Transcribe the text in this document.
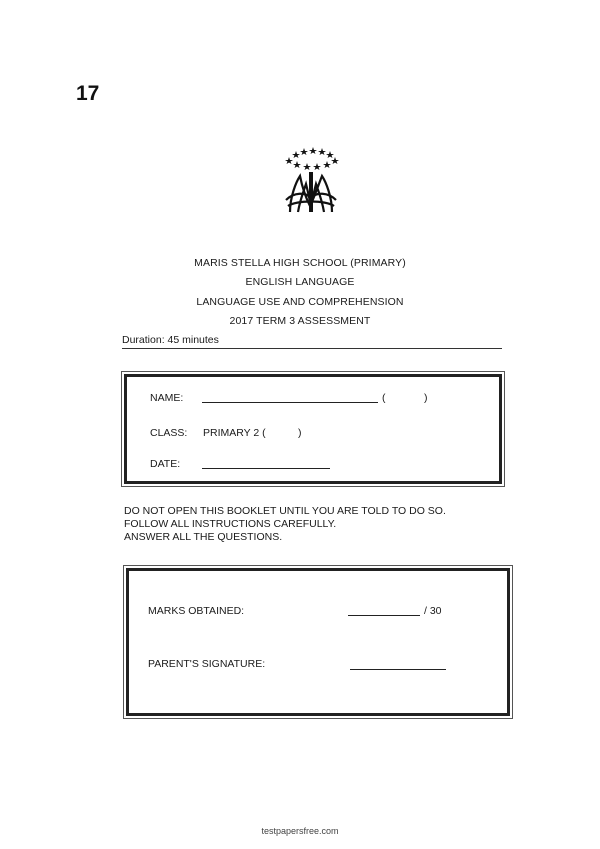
17
MARIS STELLA HIGH SCHOOL (PRIMARY)
ENGLISH LANGUAGE
LANGUAGE USE AND COMPREHENSION
2017 TERM 3 ASSESSMENT
Duration: 45 minutes
NAME:	(	)
CLASS: PRIMARY 2 (	)
DATE:
DO NOT OPEN THIS BOOKLET UNTIL YOU ARE TOLD TO DO SO.
FOLLOW ALL INSTRUCTIONS CAREFULLY.
ANSWER ALL THE QUESTIONS.
MARKS OBTAINED:	/ 30
PARENT'S SIGNATURE:
testpapersfree.com
